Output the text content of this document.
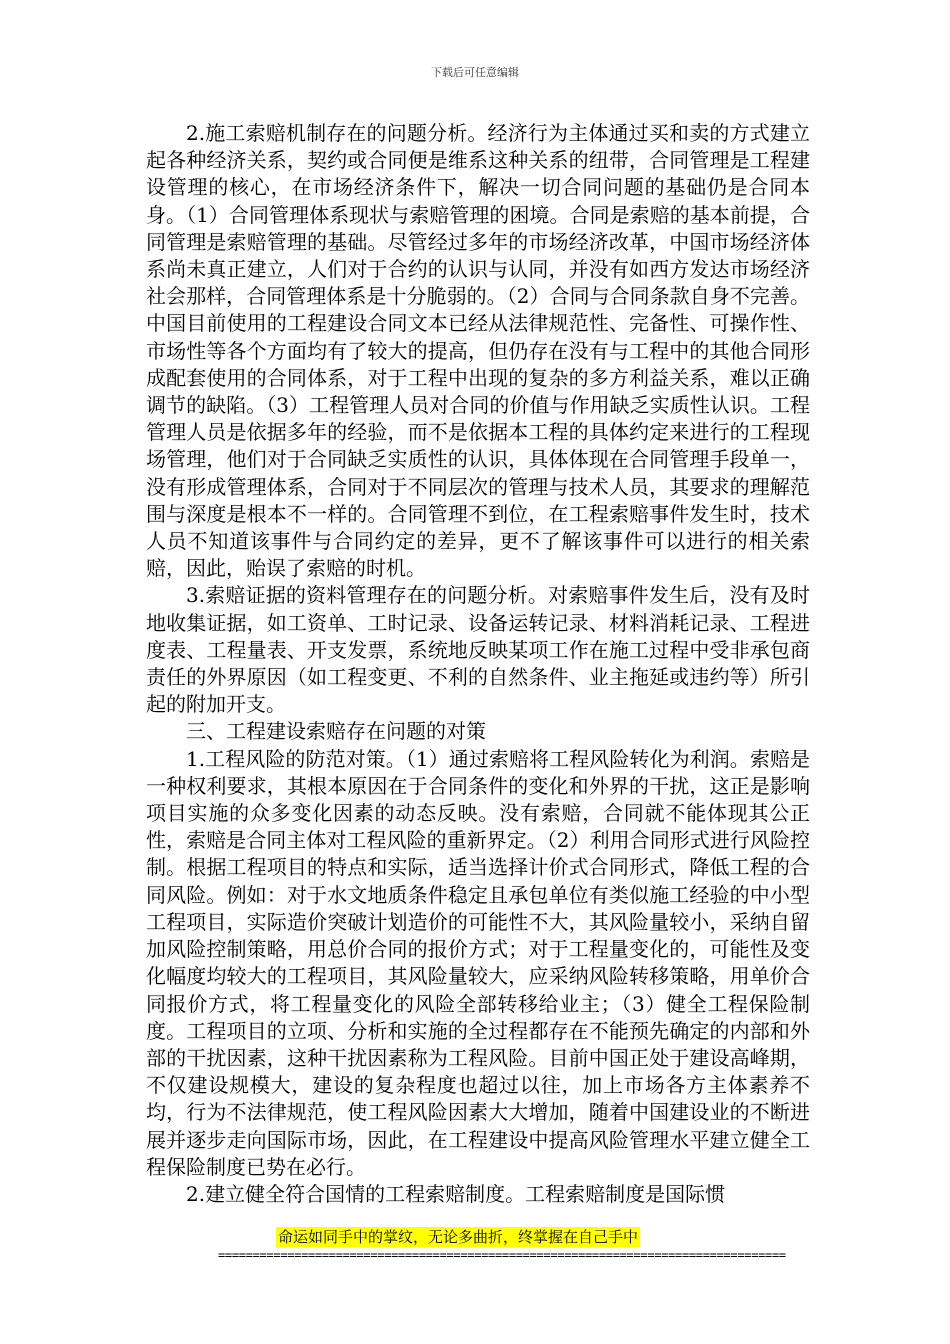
下载后可任意编辑

2.施工索赔机制存在的问题分析。经济行为主体通过买和卖的方式建立起各种经济关系，契约或合同便是维系这种关系的纽带，合同管理是工程建设管理的核心，在市场经济条件下，解决一切合同问题的基础仍是合同本身。（1）合同管理体系现状与索赔管理的困境。合同是索赔的基本前提，合同管理是索赔管理的基础。尽管经过多年的市场经济改革，中国市场经济体系尚未真正建立，人们对于合约的认识与认同，并没有如西方发达市场经济社会那样，合同管理体系是十分脆弱的。（2）合同与合同条款自身不完善。中国目前使用的工程建设合同文本已经从法律规范性、完备性、可操作性、市场性等各个方面均有了较大的提高，但仍存在没有与工程中的其他合同形成配套使用的合同体系，对于工程中出现的复杂的多方利益关系，难以正确调节的缺陷。（3）工程管理人员对合同的价值与作用缺乏实质性认识。工程管理人员是依据多年的经验，而不是依据本工程的具体约定来进行的工程现场管理，他们对于合同缺乏实质性的认识，具体体现在合同管理手段单一，没有形成管理体系，合同对于不同层次的管理与技术人员，其要求的理解范围与深度是根本不一样的。合同管理不到位，在工程索赔事件发生时，技术人员不知道该事件与合同约定的差异，更不了解该事件可以进行的相关索赔，因此，贻误了索赔的时机。

3.索赔证据的资料管理存在的问题分析。对索赔事件发生后，没有及时地收集证据，如工资单、工时记录、设备运转记录、材料消耗记录、工程进度表、工程量表、开支发票，系统地反映某项工作在施工过程中受非承包商责任的外界原因（如工程变更、不利的自然条件、业主拖延或违约等）所引起的附加开支。

三、工程建设索赔存在问题的对策

1.工程风险的防范对策。（1）通过索赔将工程风险转化为利润。索赔是一种权利要求，其根本原因在于合同条件的变化和外界的干扰，这正是影响项目实施的众多变化因素的动态反映。没有索赔，合同就不能体现其公正性，索赔是合同主体对工程风险的重新界定。（2）利用合同形式进行风险控制。根据工程项目的特点和实际，适当选择计价式合同形式，降低工程的合同风险。例如：对于水文地质条件稳定且承包单位有类似施工经验的中小型工程项目，实际造价突破计划造价的可能性不大，其风险量较小，采纳自留加风险控制策略，用总价合同的报价方式；对于工程量变化的，可能性及变化幅度均较大的工程项目，其风险量较大，应采纳风险转移策略，用单价合同报价方式，将工程量变化的风险全部转移给业主；（3）健全工程保险制度。工程项目的立项、分析和实施的全过程都存在不能预先确定的内部和外部的干扰因素，这种干扰因素称为工程风险。目前中国正处于建设高峰期，不仅建设规模大，建设的复杂程度也超过以往，加上市场各方主体素养不均，行为不法律规范，使工程风险因素大大增加，随着中国建设业的不断进展并逐步走向国际市场，因此，在工程建设中提高风险管理水平建立健全工程保险制度已势在必行。

2.建立健全符合国情的工程索赔制度。工程索赔制度是国际惯

命运如同手中的掌纹，无论多曲折，终掌握在自己手中
==================================================================================
